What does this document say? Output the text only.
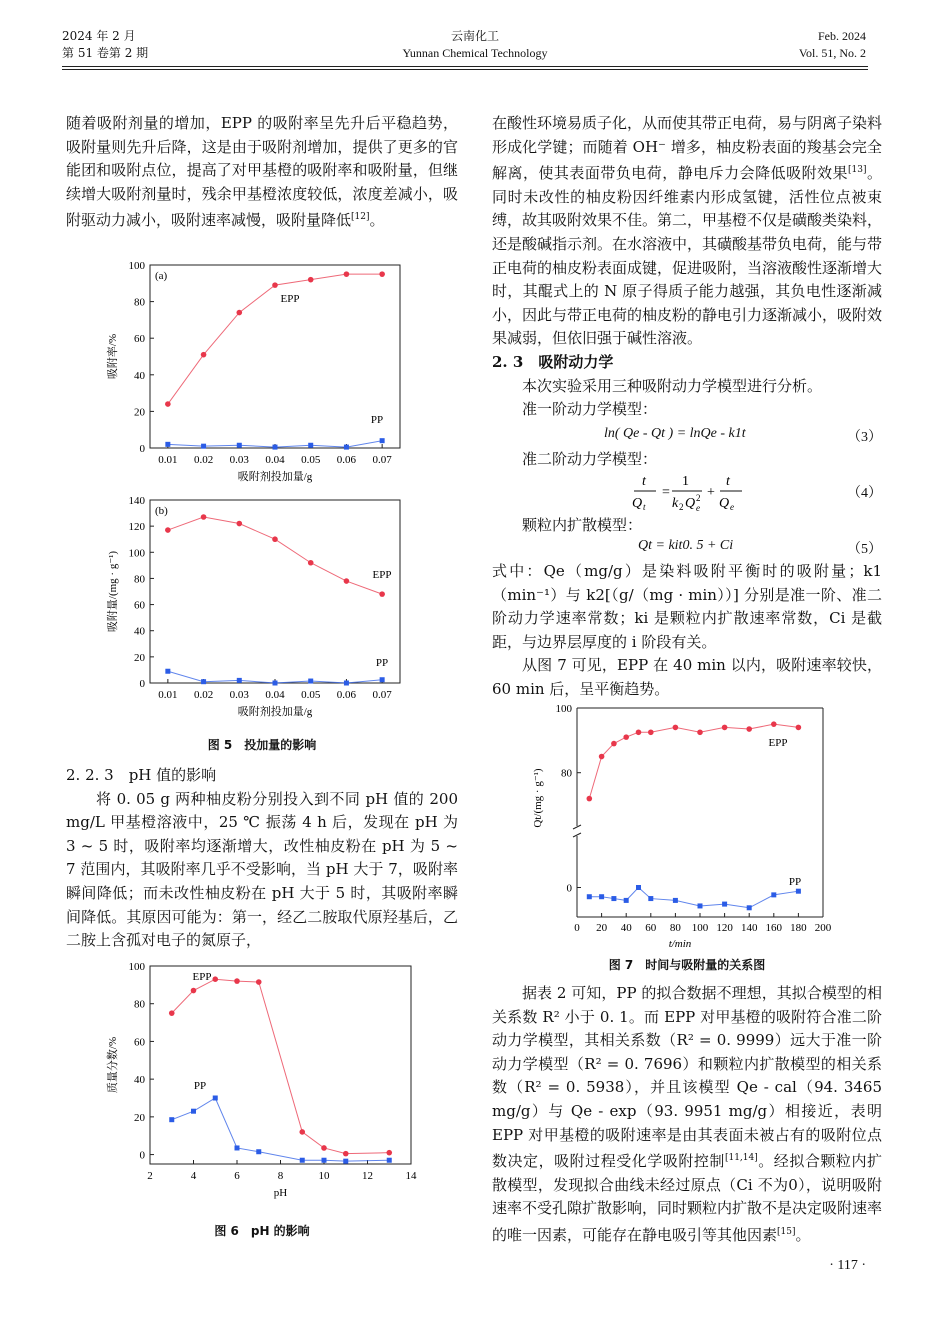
2024 年 2 月
第 51 卷第 2 期
云南化工
Yunnan Chemical Technology
Feb. 2024
Vol. 51, No. 2

随着吸附剂量的增加，EPP 的吸附率呈先升后平稳趋势，吸附量则先升后降，这是由于吸附剂增加，提供了更多的官能团和吸附点位，提高了对甲基橙的吸附率和吸附量，但继续增大吸附剂量时，残余甲基橙浓度较低，浓度差减小，吸附驱动力减小，吸附速率减慢，吸附量降低[12]。

0
20
40
60
80
100
0.01 0.02 0.03 0.04 0.05 0.06 0.07
EPP
PP
(a)
吸附剂投加量/g
吸附率/%
0
20
40
60
80
100
120
140
0.01 0.02 0.03 0.04 0.05 0.06 0.07
EPP
PP
(b)
吸附剂投加量/g
吸附量/(mg · g⁻¹)
图 5　投加量的影响

2. 2. 3　pH 值的影响

将 0. 05 g 两种柚皮粉分别投入到不同 pH 值的 200 mg/L 甲基橙溶液中，25 ℃ 振荡 4 h 后，发现在 pH 为 3 ~ 5 时，吸附率均逐渐增大，改性柚皮粉在 pH 为 5 ~ 7 范围内，其吸附率几乎不受影响，当 pH 大于 7，吸附率瞬间降低；而未改性柚皮粉在 pH 大于 5 时，其吸附率瞬间降低。其原因可能为：第一，经乙二胺取代原羟基后，乙二胺上含孤对电子的氮原子，

0
20
40
60
80
100
2	4	6	8	10	12	14
EPP
PP
pH
质量分数/%
图 6　pH 的影响

在酸性环境易质子化，从而使其带正电荷，易与阴离子染料形成化学键；而随着 OH⁻ 增多，柚皮粉表面的羧基会完全解离，使其表面带负电荷，静电斥力会降低吸附效果[13]。同时未改性的柚皮粉因纤维素内形成氢键，活性位点被束缚，故其吸附效果不佳。第二，甲基橙不仅是磺酸类染料，还是酸碱指示剂。在水溶液中，其磺酸基带负电荷，能与带正电荷的柚皮粉表面成键，促进吸附，当溶液酸性逐渐增大时，其醌式上的 N 原子得质子能力越强，其负电性逐渐减小，因此与带正电荷的柚皮粉的静电引力逐渐减小，吸附效果减弱，但依旧强于碱性溶液。

2. 3　吸附动力学

本次实验采用三种吸附动力学模型进行分析。

准一阶动力学模型：

ln( Qe - Qt ) = lnQe - k1t	（3）

准二阶动力学模型：

t
Q t
=
1
k 2 Q 2
e
+
t
Q e
（4）

颗粒内扩散模型：

Qt = kit0. 5 + Ci	（5）

式中：Qe（mg/g）是染料吸附平衡时的吸附量；k1（min⁻¹）与 k2[（g/（mg · min））] 分别是准一阶、准二阶动力学速率常数；ki 是颗粒内扩散速率常数，Ci 是截距，与边界层厚度的 i 阶段有关。

从图 7 可见，EPP 在 40 min 以内，吸附速率较快，60 min 后，呈平衡趋势。

0
80
100
0 20 40 60 80 100 120 140 160 180 200
EPP
PP
t/min
Qt/(mg · g⁻¹)
图 7　时间与吸附量的关系图

据表 2 可知，PP 的拟合数据不理想，其拟合模型的相关系数 R² 小于 0. 1。而 EPP 对甲基橙的吸附符合准二阶动力学模型，其相关系数（R² = 0. 9999）远大于准一阶动力学模型（R² = 0. 7696）和颗粒内扩散模型的相关系数（R² = 0. 5938），并且该模型 Qe - cal（94. 3465 mg/g）与 Qe - exp（93. 9951 mg/g）相接近，表明 EPP 对甲基橙的吸附速率是由其表面未被占有的吸附位点数决定，吸附过程受化学吸附控制[11,14]。经拟合颗粒内扩散模型，发现拟合曲线未经过原点（Ci 不为0），说明吸附速率不受孔隙扩散影响，同时颗粒内扩散不是决定吸附速率的唯一因素，可能存在静电吸引等其他因素[15]。

· 117 ·
